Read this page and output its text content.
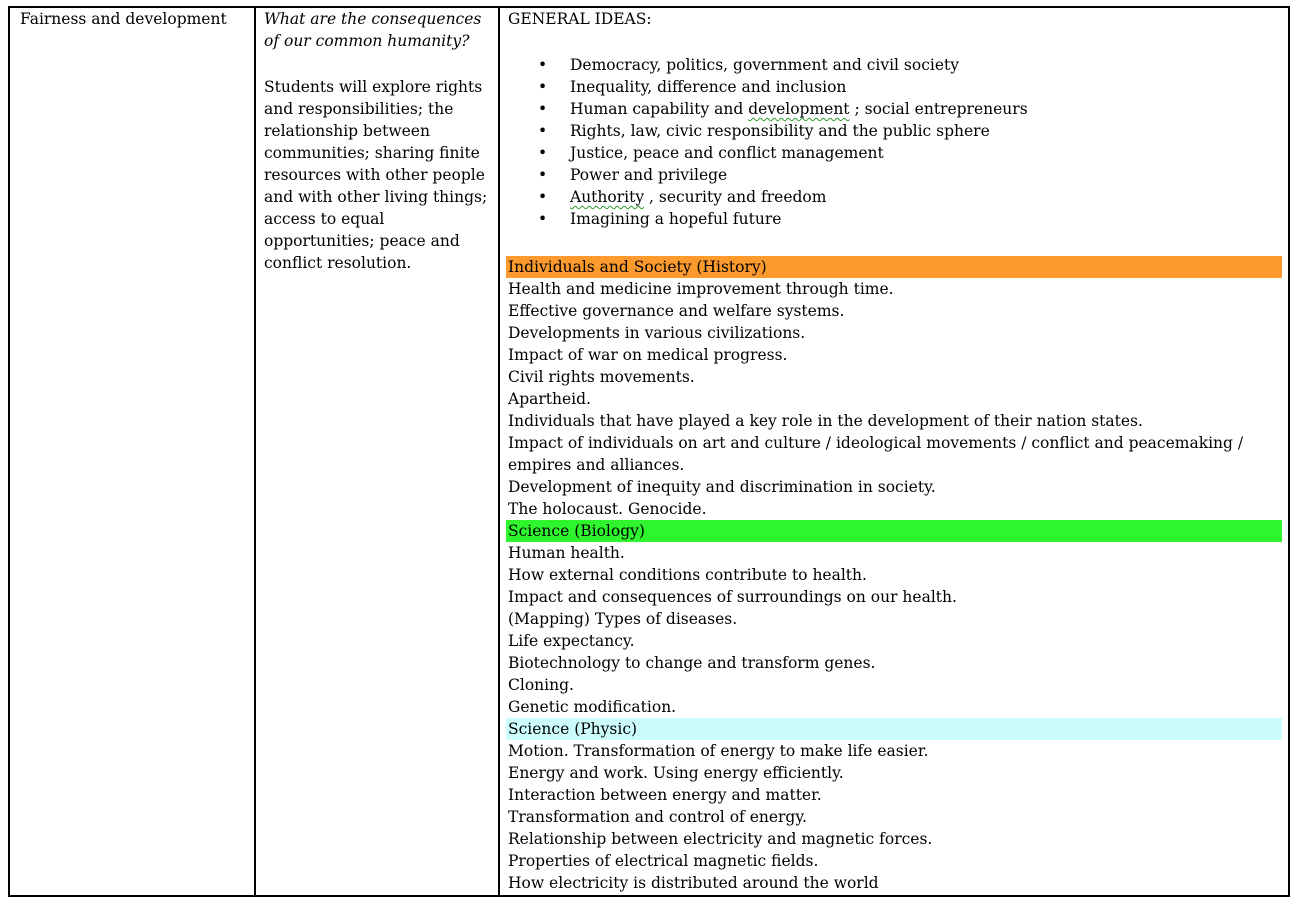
Fairness and development What are the consequences of our common humanity?
Students will explore rights and responsibilities; the relationship between communities; sharing finite resources with other people and with other living things; access to equal opportunities; peace and conflict resolution.
GENERAL IDEAS:
• Democracy, politics, government and civil society
• Inequality, difference and inclusion
• Human capability and development ; social entrepreneurs
• Rights, law, civic responsibility and the public sphere
• Justice, peace and conflict management
• Power and privilege
• Authority , security and freedom
• Imagining a hopeful future
Individuals and Society (History)
Health and medicine improvement through time.
Effective governance and welfare systems.
Developments in various civilizations.
Impact of war on medical progress.
Civil rights movements.
Apartheid.
Individuals that have played a key role in the development of their nation states.
Impact of individuals on art and culture / ideological movements / conflict and peacemaking / empires and alliances.
Development of inequity and discrimination in society.
The holocaust. Genocide.
Science (Biology)
Human health.
How external conditions contribute to health.
Impact and consequences of surroundings on our health.
(Mapping) Types of diseases.
Life expectancy.
Biotechnology to change and transform genes.
Cloning.
Genetic modification.
Science (Physic)
Motion. Transformation of energy to make life easier.
Energy and work. Using energy efficiently.
Interaction between energy and matter.
Transformation and control of energy.
Relationship between electricity and magnetic forces.
Properties of electrical magnetic fields.
How electricity is distributed around the world
